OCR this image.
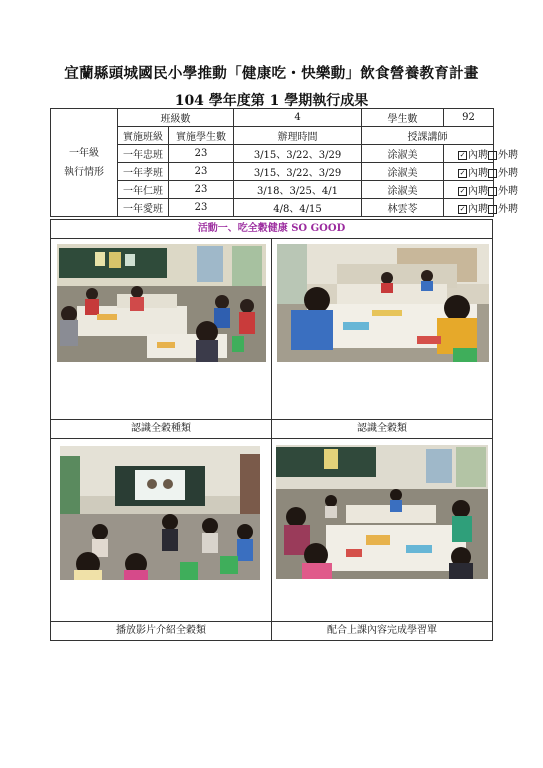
宜蘭縣頭城國民小學推動「健康吃・快樂動」飲食營養教育計畫
104 學年度第 1 學期執行成果
一年級
執行情形	班級數		4	學生數	92
	實施班級	實施學生數	辦理時間	授課講師	
	一年忠班	23	3/15、3/22、3/29	涂淑美	✓ 內聘 外聘
	一年孝班	23	3/15、3/22、3/29	涂淑美	✓ 內聘 外聘
	一年仁班	23	3/18、3/25、4/1	涂淑美	✓ 內聘 外聘
	一年愛班	23	4/8、4/15	林雲苓	✓ 內聘 外聘
活動一、吃全穀健康 SO GOOD
認識全穀種類	認識全穀類
播放影片介紹全穀類	配合上課內容完成學習單
